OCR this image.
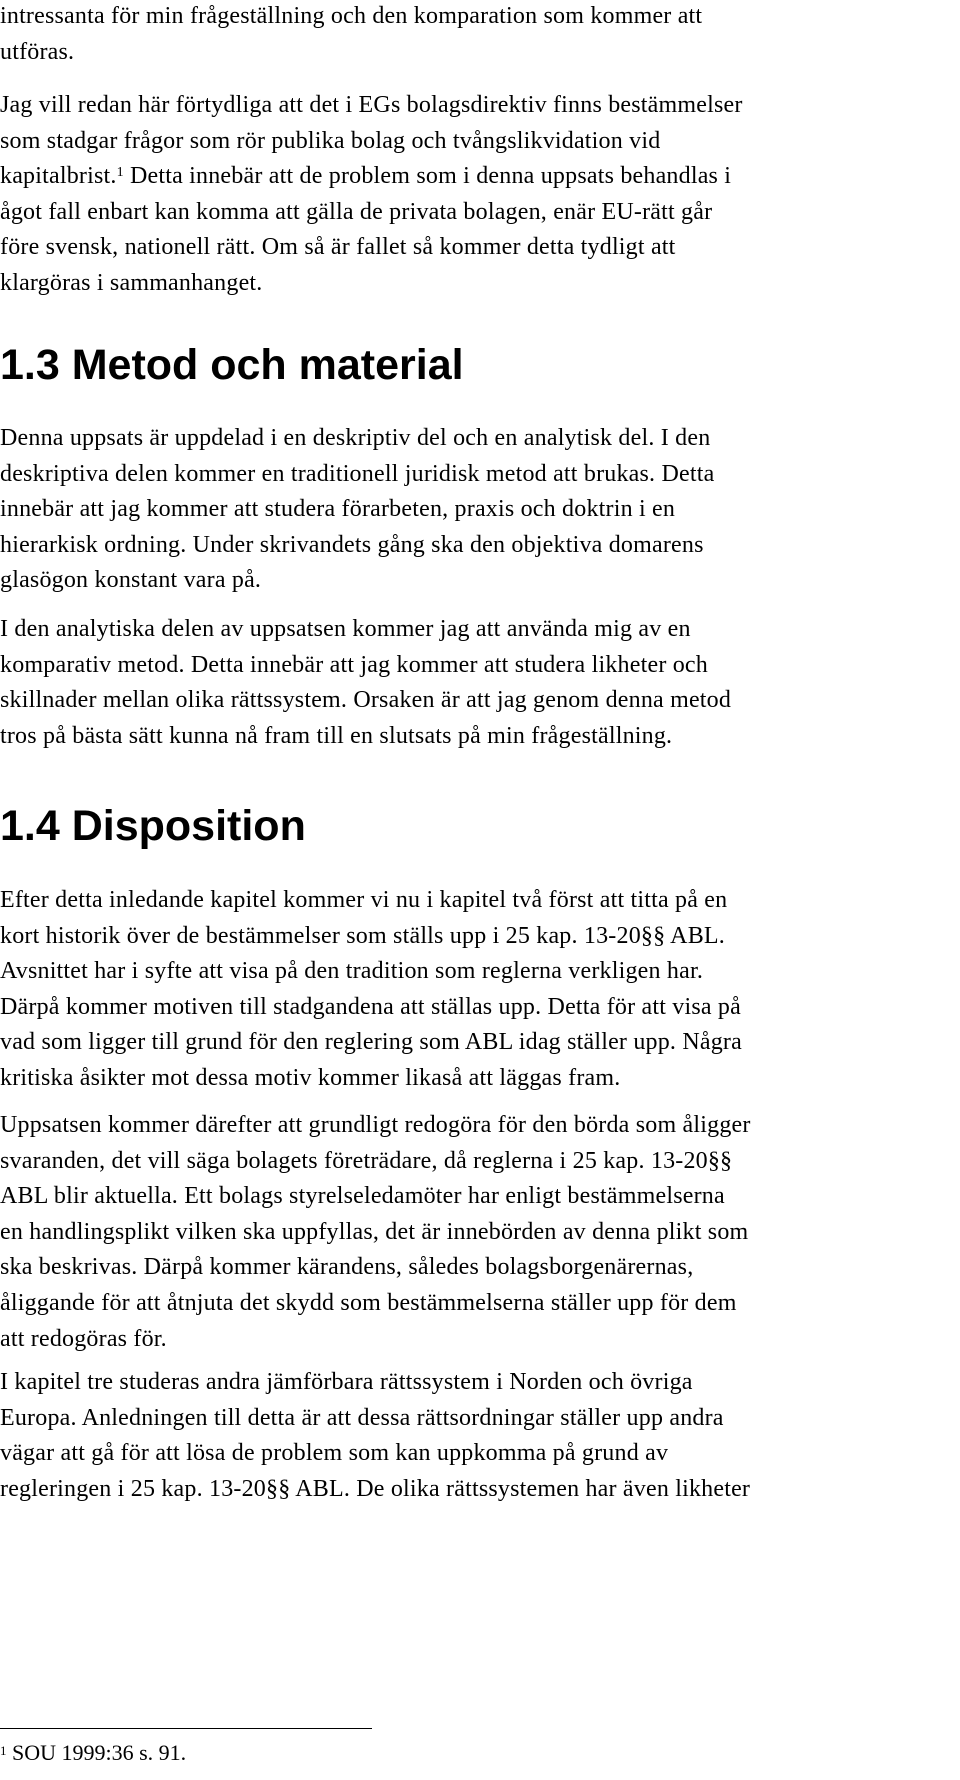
intressanta för min frågeställning och den komparation som kommer att
utföras.

Jag vill redan här förtydliga att det i EGs bolagsdirektiv finns bestämmelser
som stadgar frågor som rör publika bolag och tvångslikvidation vid
kapitalbrist.$^1$ Detta innebär att de problem som i denna uppsats behandlas i
ågot fall enbart kan komma att gälla de privata bolagen, enär EU-rätt går
före svensk, nationell rätt. Om så är fallet så kommer detta tydligt att
klargöras i sammanhanget.

1.3 Metod och material

Denna uppsats är uppdelad i en deskriptiv del och en analytisk del. I den
deskriptiva delen kommer en traditionell juridisk metod att brukas. Detta
innebär att jag kommer att studera förarbeten, praxis och doktrin i en
hierarkisk ordning. Under skrivandets gång ska den objektiva domarens
glasögon konstant vara på.

I den analytiska delen av uppsatsen kommer jag att använda mig av en
komparativ metod. Detta innebär att jag kommer att studera likheter och
skillnader mellan olika rättssystem. Orsaken är att jag genom denna metod
tros på bästa sätt kunna nå fram till en slutsats på min frågeställning.

1.4 Disposition

Efter detta inledande kapitel kommer vi nu i kapitel två först att titta på en
kort historik över de bestämmelser som ställs upp i 25 kap. 13-20§§ ABL.
Avsnittet har i syfte att visa på den tradition som reglerna verkligen har.
Därpå kommer motiven till stadgandena att ställas upp. Detta för att visa på
vad som ligger till grund för den reglering som ABL idag ställer upp. Några
kritiska åsikter mot dessa motiv kommer likaså att läggas fram.

Uppsatsen kommer därefter att grundligt redogöra för den börda som åligger
svaranden, det vill säga bolagets företrädare, då reglerna i 25 kap. 13-20§§
ABL blir aktuella. Ett bolags styrelseledamöter har enligt bestämmelserna
en handlingsplikt vilken ska uppfyllas, det är innebörden av denna plikt som
ska beskrivas. Därpå kommer kärandens, således bolagsborgenärernas,
åliggande för att åtnjuta det skydd som bestämmelserna ställer upp för dem
att redogöras för.

I kapitel tre studeras andra jämförbara rättssystem i Norden och övriga
Europa. Anledningen till detta är att dessa rättsordningar ställer upp andra
vägar att gå för att lösa de problem som kan uppkomma på grund av
regleringen i 25 kap. 13-20§§ ABL. De olika rättssystemen har även likheter

$^1$ SOU 1999:36 s. 91.
